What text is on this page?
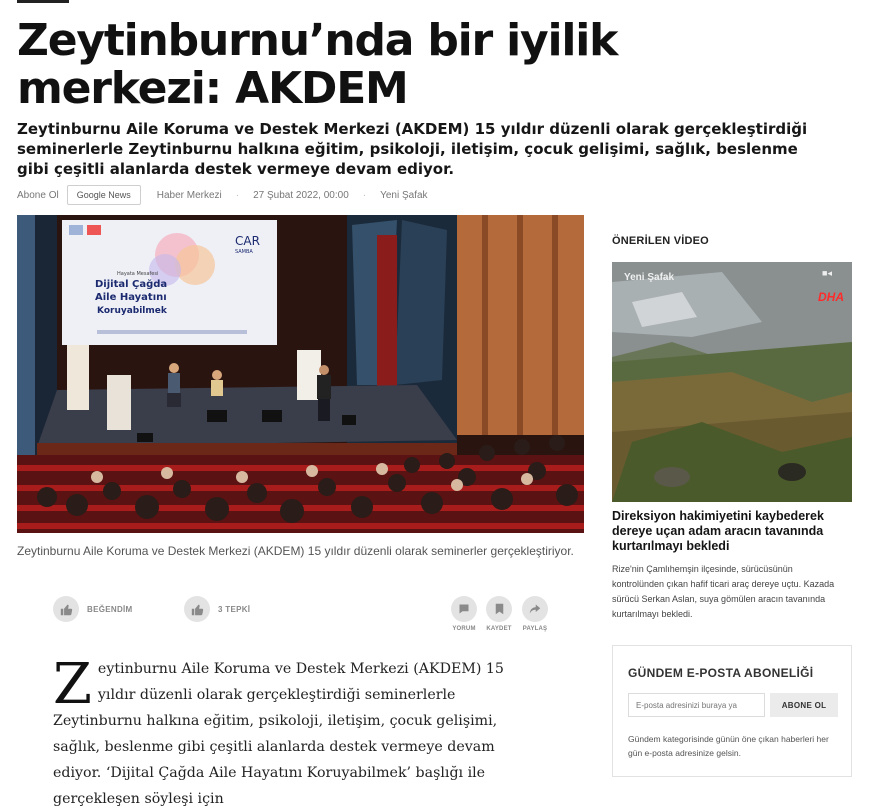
Zeytinburnu’nda bir iyilik merkezi: AKDEM

Zeytinburnu Aile Koruma ve Destek Merkezi (AKDEM) 15 yıldır düzenli olarak gerçekleştirdiği seminerlerle Zeytinburnu halkına eğitim, psikoloji, iletişim, çocuk gelişimi, sağlık, beslenme gibi çeşitli alanlarda destek vermeye devam ediyor.

Abone Ol	Google News	Haber Merkezi · 27 Şubat 2022, 00:00 · Yeni Şafak
Hayata Mesafesi
Dijital Çağda
Aile Hayatını
Koruyabilmek
CAR
SAMBA

Zeytinburnu Aile Koruma ve Destek Merkezi (AKDEM) 15 yıldır düzenli olarak seminerler gerçekleştiriyor.

BEĞENDİM	3 TEPKİ
YORUM	KAYDET	PAYLAŞ
Z eytinburnu Aile Koruma ve Destek Merkezi (AKDEM) 15 yıldır düzenli olarak gerçekleştirdiği seminerlerle Zeytinburnu halkına eğitim, psikoloji, iletişim, çocuk gelişimi, sağlık, beslenme gibi çeşitli alanlarda destek vermeye devam ediyor. ‘Dijital Çağda Aile Hayatını Koruyabilmek’ başlığı ile gerçekleşen söyleşi için
ÖNERİLEN VİDEO
Yeni Şafak	■◂
DHA
Direksiyon hakimiyetini kaybederek dereye uçan adam aracın tavanında kurtarılmayı bekledi
Rize'nin Çamlıhemşin ilçesinde, sürücüsünün kontrolünden çıkan hafif ticari araç dereye uçtu. Kazada sürücü Serkan Aslan, suya gömülen aracın tavanında kurtarılmayı bekledi.
GÜNDEM E-POSTA ABONELİĞİ
E-posta adresinizi buraya ya
ABONE OL
Gündem kategorisinde günün öne çıkan haberleri her gün e-posta adresinize gelsin.
